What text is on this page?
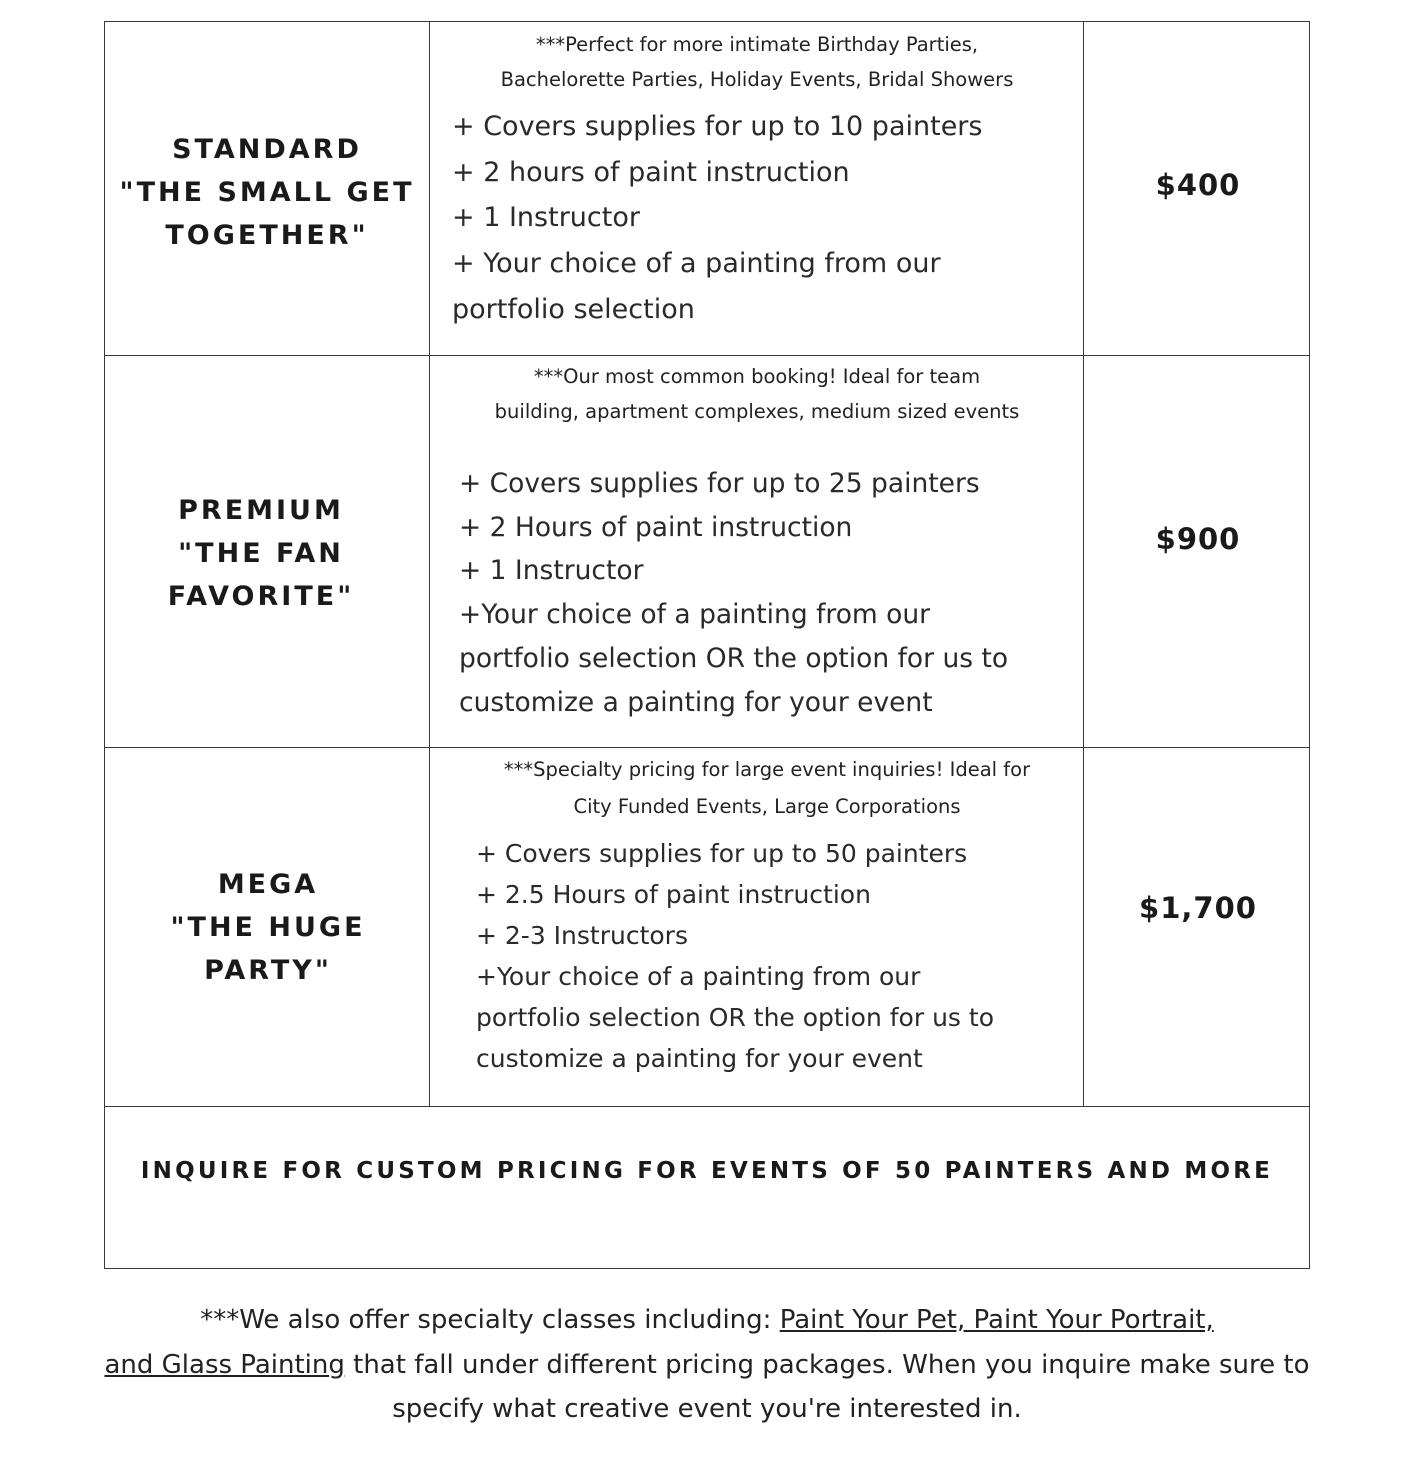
STANDARD
"THE SMALL GET
TOGETHER"
***Perfect for more intimate Birthday Parties,
Bachelorette Parties, Holiday Events, Bridal Showers
+ Covers supplies for up to 10 painters
+ 2 hours of paint instruction
+ 1 Instructor
+ Your choice of a painting from our
portfolio selection
$400
PREMIUM
"THE FAN
FAVORITE"
***Our most common booking! Ideal for team
building, apartment complexes, medium sized events
+ Covers supplies for up to 25 painters
+ 2 Hours of paint instruction
+ 1 Instructor
+Your choice of a painting from our
portfolio selection OR the option for us to
customize a painting for your event
$900
MEGA
"THE HUGE
PARTY"
***Specialty pricing for large event inquiries! Ideal for
City Funded Events, Large Corporations
+ Covers supplies for up to 50 painters
+ 2.5 Hours of paint instruction
+ 2-3 Instructors
+Your choice of a painting from our
portfolio selection OR the option for us to
customize a painting for your event
$1,700
INQUIRE FOR CUSTOM PRICING FOR EVENTS OF 50 PAINTERS AND MORE
***We also offer specialty classes including: Paint Your Pet, Paint Your Portrait,
and Glass Painting that fall under different pricing packages. When you inquire make sure to specify what creative event you're interested in.
